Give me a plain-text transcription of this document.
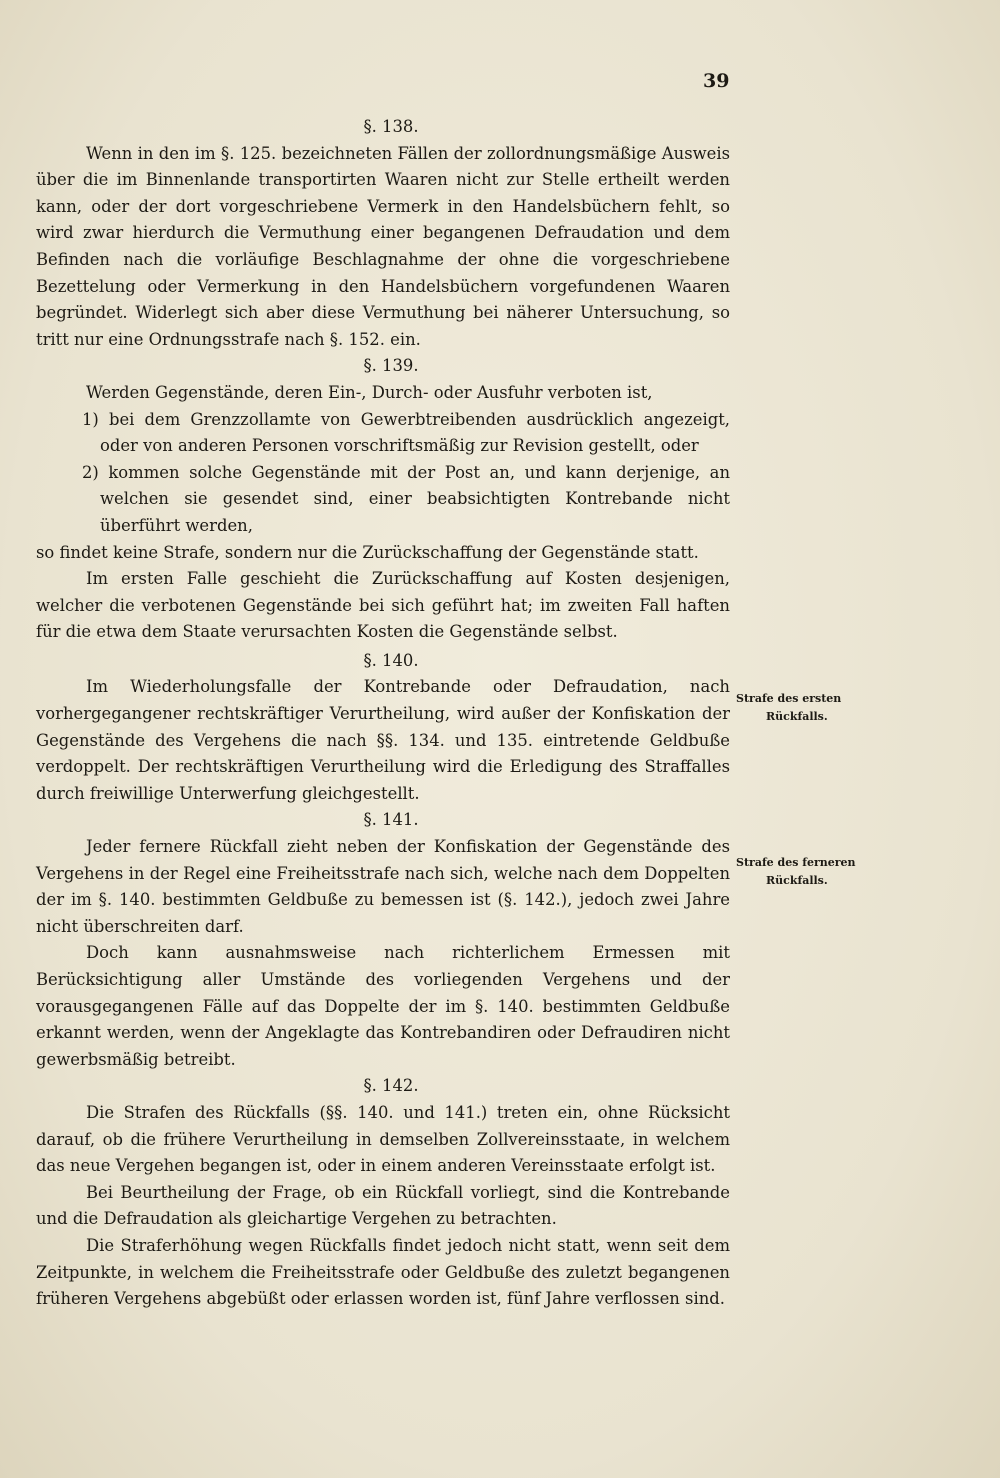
39

§. 138.

Wenn in den im §. 125. bezeichneten Fällen der zollordnungsmäßige Ausweis über die im Binnenlande transportirten Waaren nicht zur Stelle ertheilt werden kann, oder der dort vorgeschriebene Vermerk in den Handelsbüchern fehlt, so wird zwar hierdurch die Vermuthung einer begangenen Defraudation und dem Befinden nach die vorläufige Beschlagnahme der ohne die vorgeschriebene Bezettelung oder Vermerkung in den Handelsbüchern vorgefundenen Waaren begründet. Widerlegt sich aber diese Vermuthung bei näherer Untersuchung, so tritt nur eine Ordnungsstrafe nach §. 152. ein.

§. 139.

Werden Gegenstände, deren Ein-, Durch- oder Ausfuhr verboten ist,

1) bei dem Grenzzollamte von Gewerbtreibenden ausdrücklich angezeigt, oder von anderen Personen vorschriftsmäßig zur Revision gestellt, oder

2) kommen solche Gegenstände mit der Post an, und kann derjenige, an welchen sie gesendet sind, einer beabsichtigten Kontrebande nicht überführt werden,

so findet keine Strafe, sondern nur die Zurückschaffung der Gegenstände statt.

Im ersten Falle geschieht die Zurückschaffung auf Kosten desjenigen, welcher die verbotenen Gegenstände bei sich geführt hat; im zweiten Fall haften für die etwa dem Staate verursachten Kosten die Gegenstände selbst.

§. 140.

Im Wiederholungsfalle der Kontrebande oder Defraudation, nach vorhergegangener rechtskräftiger Verurtheilung, wird außer der Konfiskation der Gegenstände des Vergehens die nach §§. 134. und 135. eintretende Geldbuße verdoppelt. Der rechtskräftigen Verurtheilung wird die Erledigung des Straffalles durch freiwillige Unterwerfung gleichgestellt.

§. 141.

Jeder fernere Rückfall zieht neben der Konfiskation der Gegenstände des Vergehens in der Regel eine Freiheitsstrafe nach sich, welche nach dem Doppelten der im §. 140. bestimmten Geldbuße zu bemessen ist (§. 142.), jedoch zwei Jahre nicht überschreiten darf.

Doch kann ausnahmsweise nach richterlichem Ermessen mit Berücksichtigung aller Umstände des vorliegenden Vergehens und der vorausgegangenen Fälle auf das Doppelte der im §. 140. bestimmten Geldbuße erkannt werden, wenn der Angeklagte das Kontrebandiren oder Defraudiren nicht gewerbsmäßig betreibt.

§. 142.

Die Strafen des Rückfalls (§§. 140. und 141.) treten ein, ohne Rücksicht darauf, ob die frühere Verurtheilung in demselben Zollvereinsstaate, in welchem das neue Vergehen begangen ist, oder in einem anderen Vereinsstaate erfolgt ist.

Bei Beurtheilung der Frage, ob ein Rückfall vorliegt, sind die Kontrebande und die Defraudation als gleichartige Vergehen zu betrachten.

Die Straferhöhung wegen Rückfalls findet jedoch nicht statt, wenn seit dem Zeitpunkte, in welchem die Freiheitsstrafe oder Geldbuße des zuletzt begangenen früheren Vergehens abgebüßt oder erlassen worden ist, fünf Jahre verflossen sind.

Strafe des ersten
Rückfalls.
Strafe des ferneren
Rückfalls.
